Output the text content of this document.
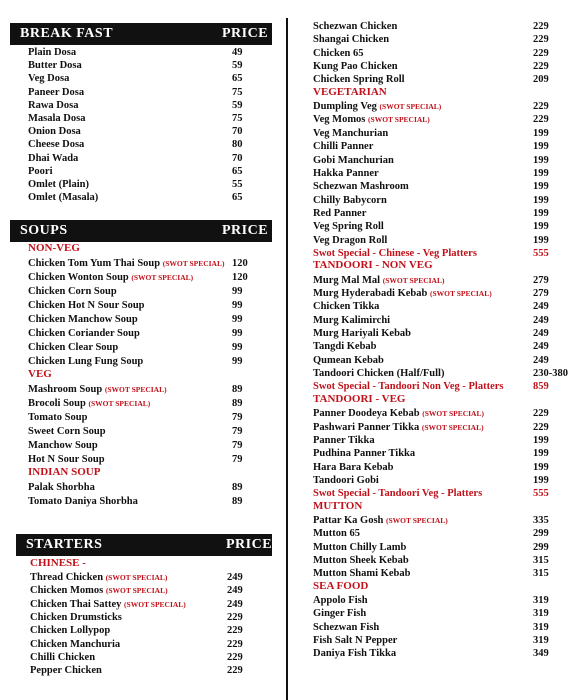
BREAK FAST	PRICE
Plain Dosa	49
Butter Dosa	59
Veg Dosa	65
Paneer Dosa	75
Rawa Dosa	59
Masala Dosa	75
Onion Dosa	70
Cheese Dosa	80
Dhai Wada	70
Poori	65
Omlet (Plain)	55
Omlet (Masala)	65
SOUPS	PRICE
NON-VEG
Chicken Tom Yum Thai Soup (SWOT SPECIAL) 120
Chicken Wonton Soup (SWOT SPECIAL)	120
Chicken Corn Soup	99
Chicken Hot N Sour Soup	99
Chicken Manchow Soup	99
Chicken Coriander Soup	99
Chicken Clear Soup	99
Chicken Lung Fung Soup	99
VEG
Mashroom Soup (SWOT SPECIAL)	89
Brocoli Soup (SWOT SPECIAL)	89
Tomato Soup	79
Sweet Corn Soup	79
Manchow Soup	79
Hot N Sour Soup	79
INDIAN SOUP
Palak Shorbha	89
Tomato Daniya Shorbha	89
STARTERS	PRICE
CHINESE -
Thread Chicken (SWOT SPECIAL)	249
Chicken Momos (SWOT SPECIAL)	249
Chicken Thai Sattey (SWOT SPECIAL)	249
Chicken Drumsticks	229
Chicken Lollypop	229
Chicken Manchuria	229
Chilli Chicken	229
Pepper Chicken	229
Schezwan Chicken	229
Shangai Chicken	229
Chicken 65	229
Kung Pao Chicken	229
Chicken Spring Roll	209
VEGETARIAN
Dumpling Veg (SWOT SPECIAL)	229
Veg Momos (SWOT SPECIAL)	229
Veg Manchurian	199
Chilli Panner	199
Gobi Manchurian	199
Hakka Panner	199
Schezwan Mashroom	199
Chilly Babycorn	199
Red Panner	199
Veg Spring Roll	199
Veg Dragon Roll	199
Swot Special - Chinese - Veg Platters	555
TANDOORI - NON VEG
Murg Mal Mal (SWOT SPECIAL)	279
Murg Hyderabadi Kebab (SWOT SPECIAL)	279
Chicken Tikka	249
Murg Kalimirchi	249
Murg Hariyali Kebab	249
Tangdi Kebab	249
Qumean Kebab	249
Tandoori Chicken (Half/Full)	230-380
Swot Special - Tandoori Non Veg - Platters	859
TANDOORI - VEG
Panner Doodeya Kebab (SWOT SPECIAL)	229
Pashwari Panner Tikka (SWOT SPECIAL)	229
Panner Tikka	199
Pudhina Panner Tikka	199
Hara Bara Kebab	199
Tandoori Gobi	199
Swot Special - Tandoori Veg - Platters	555
MUTTON
Pattar Ka Gosh (SWOT SPECIAL)	335
Mutton 65	299
Mutton Chilly Lamb	299
Mutton Sheek Kebab	315
Mutton Shami Kebab	315
SEA FOOD
Appolo Fish	319
Ginger Fish	319
Schezwan Fish	319
Fish Salt N Pepper	319
Daniya Fish Tikka	349
